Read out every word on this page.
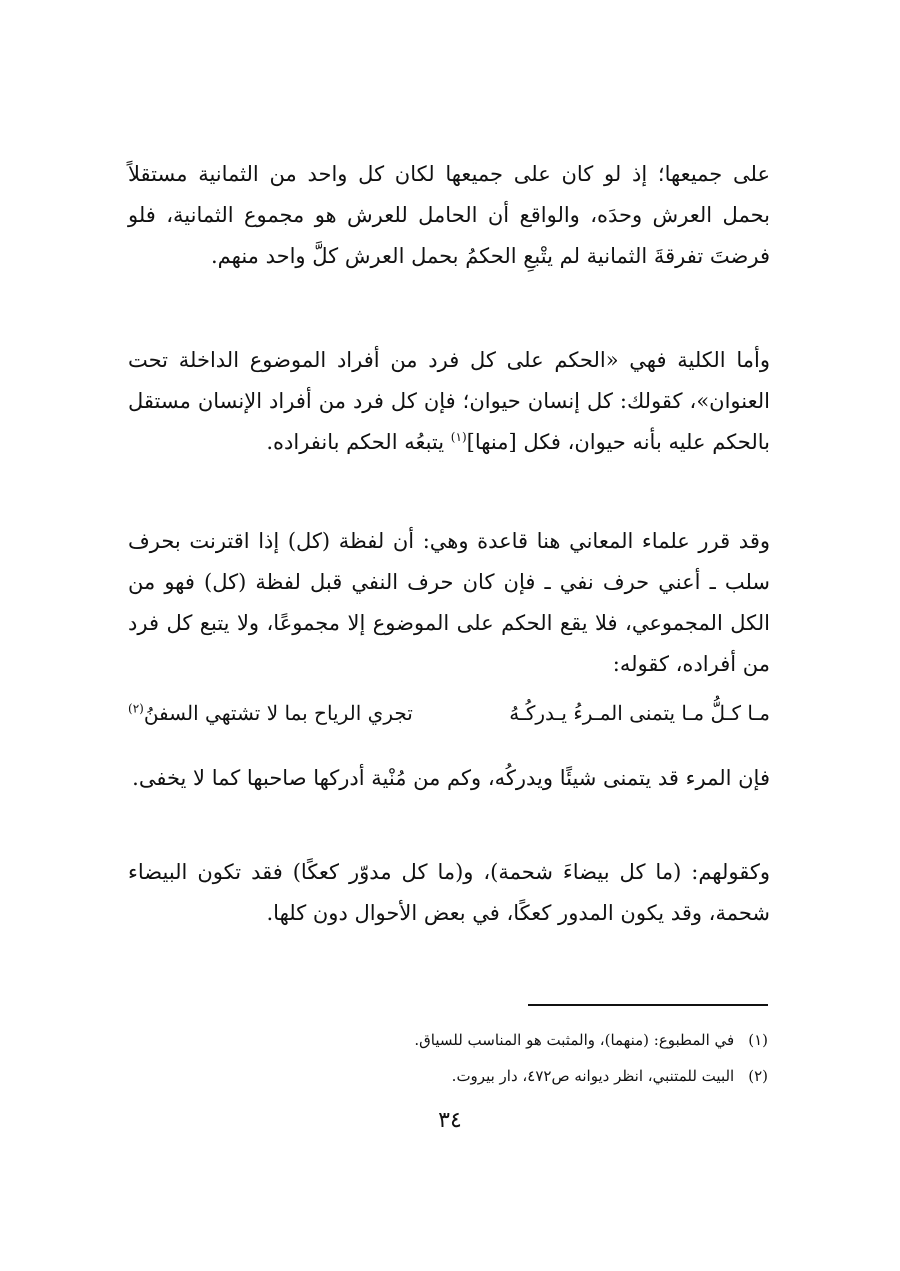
على جميعها؛ إذ لو كان على جميعها لكان كل واحد من الثمانية مستقلاً بحمل العرش وحدَه، والواقع أن الحامل للعرش هو مجموع الثمانية، فلو فرضتَ تفرقةَ الثمانية لم يتْبعِ الحكمُ بحمل العرش كلَّ واحد منهم.

وأما الكلية فهي «الحكم على كل فرد من أفراد الموضوع الداخلة تحت العنوان»، كقولك: كل إنسان حيوان؛ فإن كل فرد من أفراد الإنسان مستقل بالحكم عليه بأنه حيوان، فكل [منها]$^{(١)}$ يتبعُه الحكم بانفراده.

وقد قرر علماء المعاني هنا قاعدة وهي: أن لفظة (كل) إذا اقترنت بحرف سلب ـ أعني حرف نفي ـ فإن كان حرف النفي قبل لفظة (كل) فهو من الكل المجموعي، فلا يقع الحكم على الموضوع إلا مجموعًا، ولا يتبع كل فرد من أفراده، كقوله:

مـا كـلُّ مـا يتمنى المـرءُ يـدركُـهُ
تجري الرياح بما لا تشتهي السفنُ$^{(٢)}$

فإن المرء قد يتمنى شيئًا ويدركُه، وكم من مُنْية أدركها صاحبها كما لا يخفى.

وكقولهم: (ما كل بيضاءَ شحمة)، و(ما كل مدوّر كعكًا) فقد تكون البيضاء شحمة، وقد يكون المدور كعكًا، في بعض الأحوال دون كلها.

(١)في المطبوع: (منهما)، والمثبت هو المناسب للسياق.
(٢)البيت للمتنبي، انظر ديوانه ص٤٧٢، دار بيروت.
٣٤
